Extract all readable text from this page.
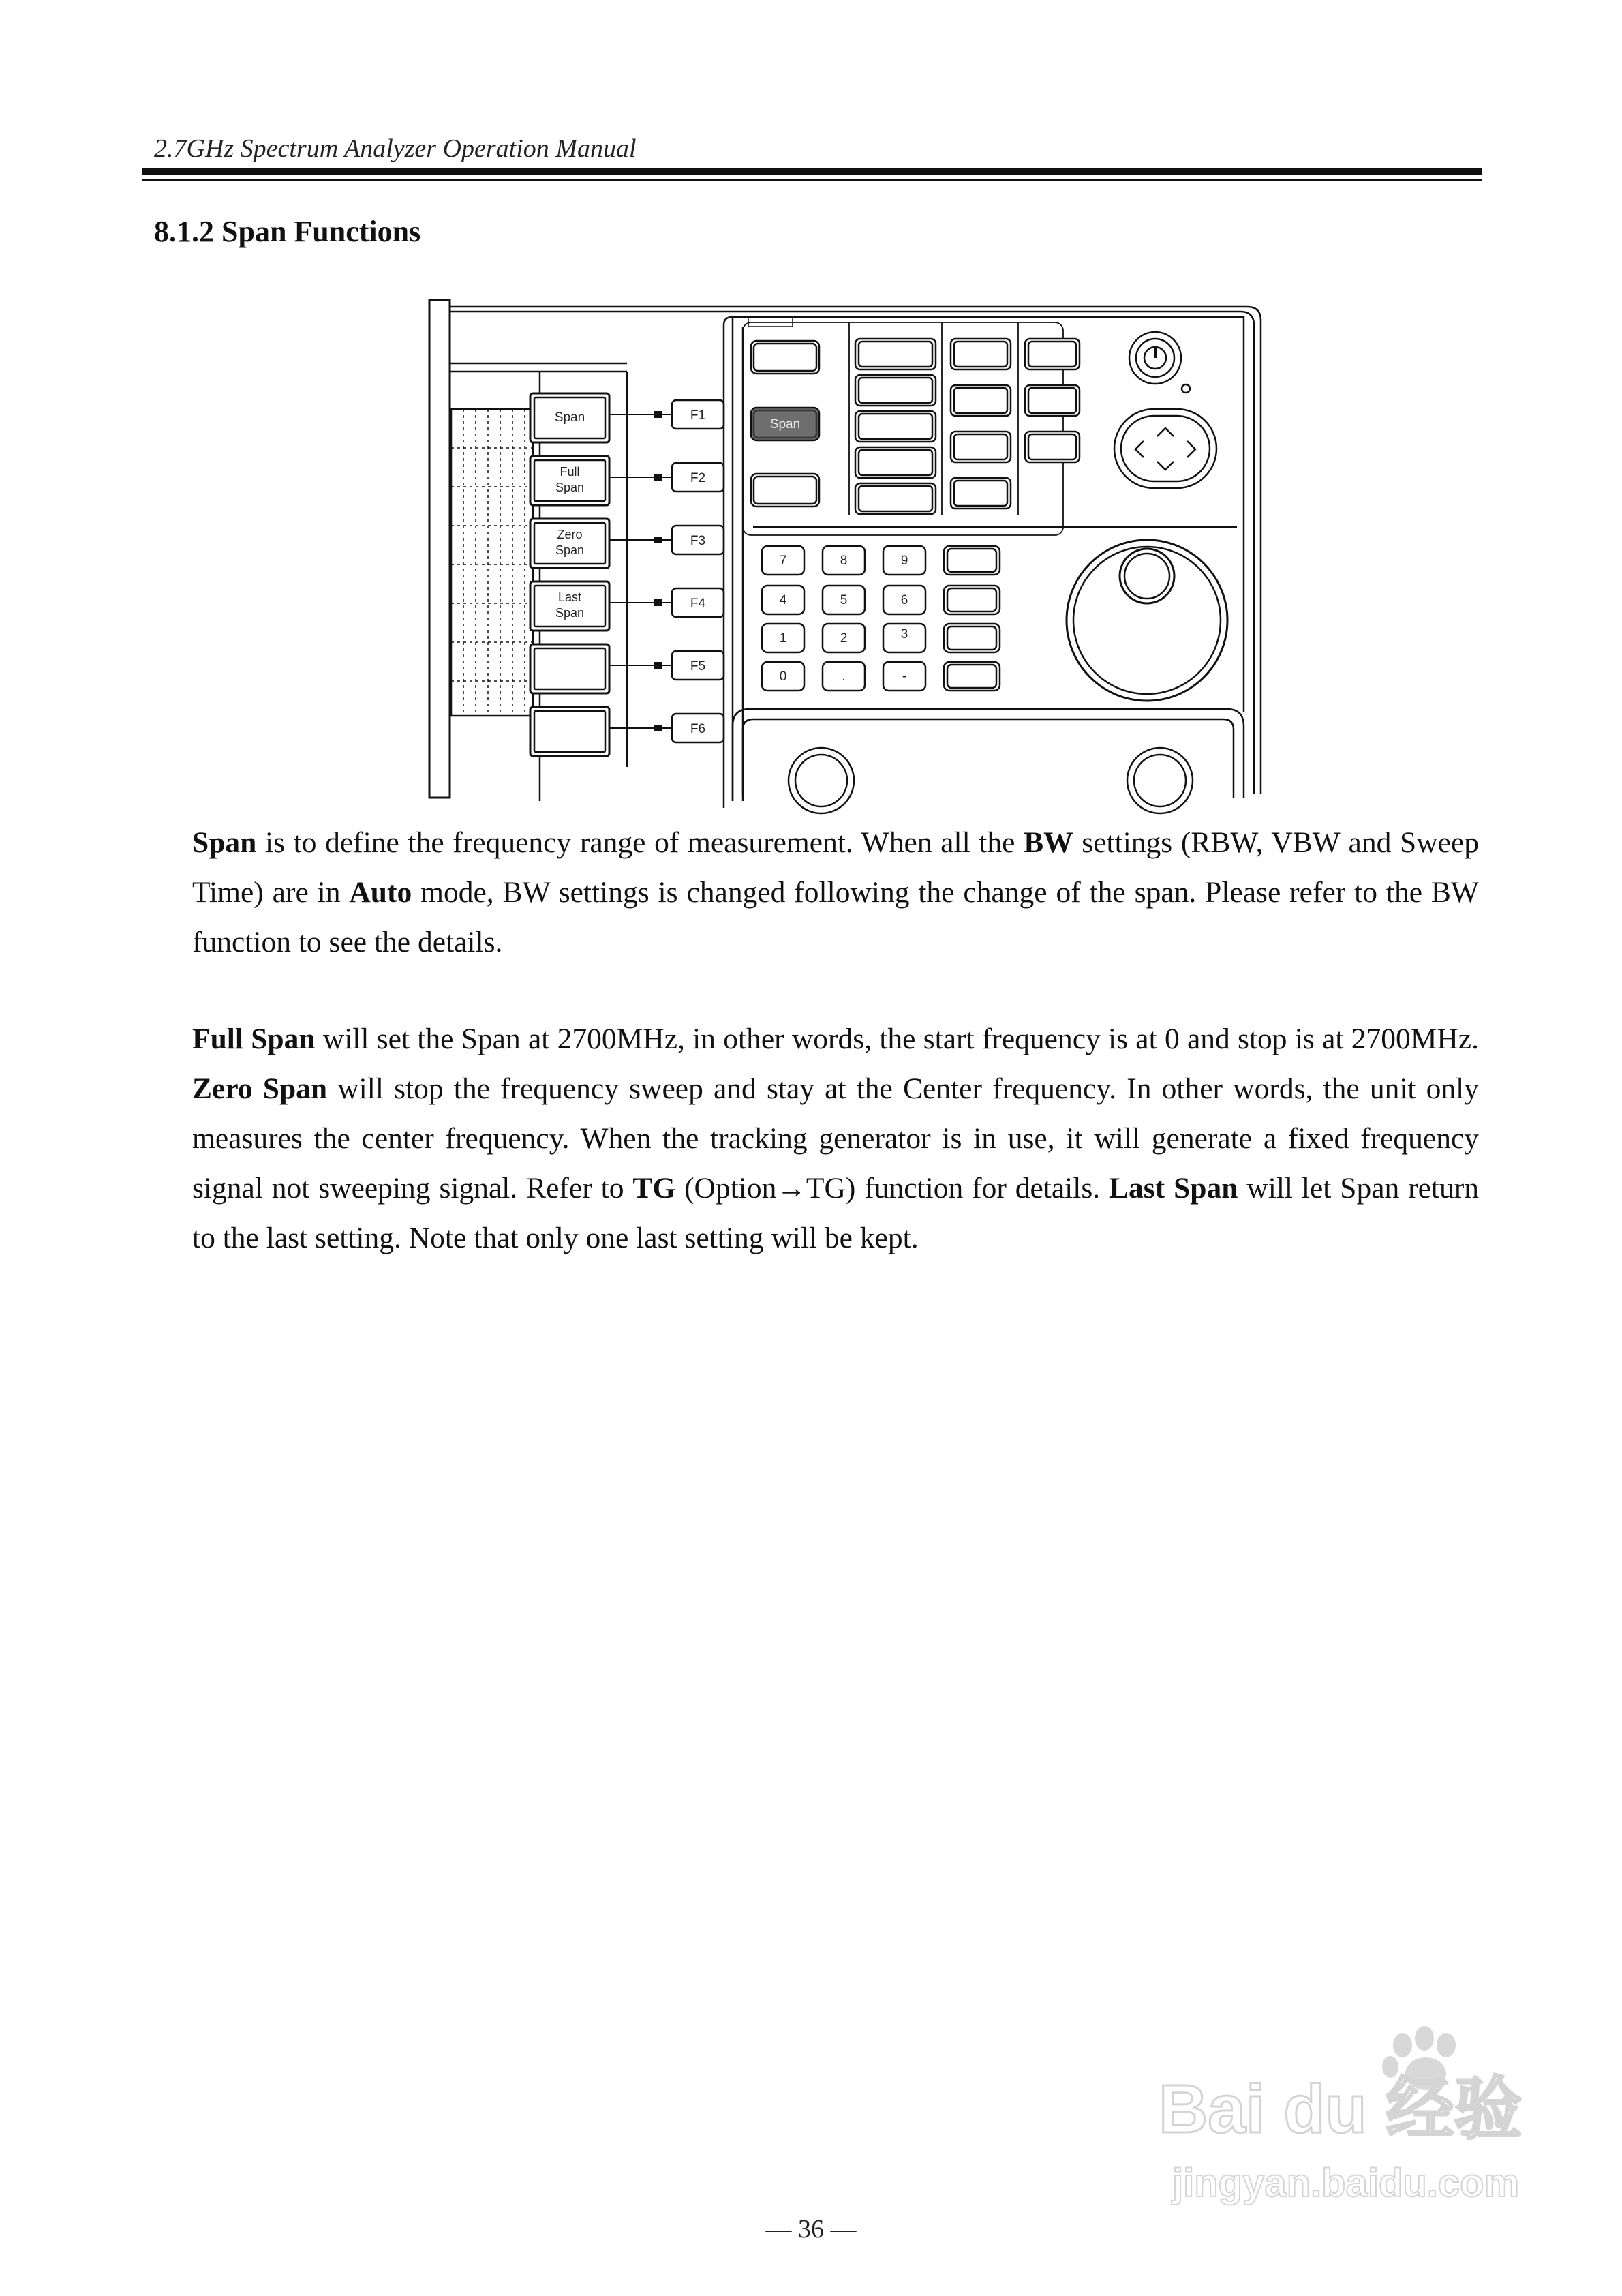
2.7GHz Spectrum Analyzer Operation Manual
8.1.2 Span Functions
Span
Full
Span
Zero
Span
Last
Span
F1
F2
F3
F4
F5
F6
Span
7	8	9
4	5	6
1	2	3
0	.	-
Span is to define the frequency range of measurement. When all the BW settings (RBW, VBW and Sweep Time) are in Auto mode, BW settings is changed following the change of the span. Please refer to the BW function to see the details.
Full Span will set the Span at 2700MHz, in other words, the start frequency is at 0 and stop is at 2700MHz. Zero Span will stop the frequency sweep and stay at the Center frequency. In other words, the unit only measures the center frequency. When the tracking generator is in use, it will generate a fixed frequency signal not sweeping signal. Refer to TG (Option→TG) function for details. Last Span will let Span return to the last setting. Note that only one last setting will be kept.
— 36 —
Bai du 经验
jingyan.baidu.com
